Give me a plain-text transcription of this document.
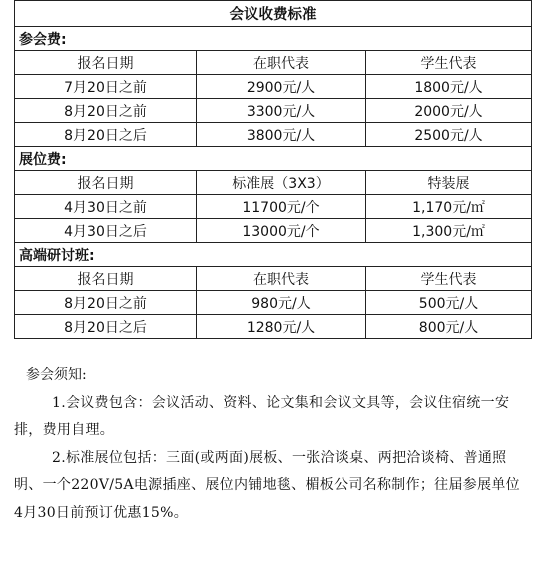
会议收费标准		
参会费:		
报名日期	在职代表	学生代表
7月20日之前	2900元/人	1800元/人
8月20日之前	3300元/人	2000元/人
8月20日之后	3800元/人	2500元/人
展位费:		
报名日期	标准展（3X3）	特装展
4月30日之前	11700元/个	1,170元/㎡
4月30日之后	13000元/个	1,300元/㎡
高端研讨班:		
报名日期	在职代表	学生代表
8月20日之前	980元/人	500元/人
8月20日之后	1280元/人	800元/人
参会须知:
1.会议费包含：会议活动、资料、论文集和会议文具等，会议住宿统一安排，费用自理。
2.标准展位包括：三面(或两面)展板、一张洽谈桌、两把洽谈椅、普通照明、一个220V/5A电源插座、展位内铺地毯、楣板公司名称制作；往届参展单位4月30日前预订优惠15%。
